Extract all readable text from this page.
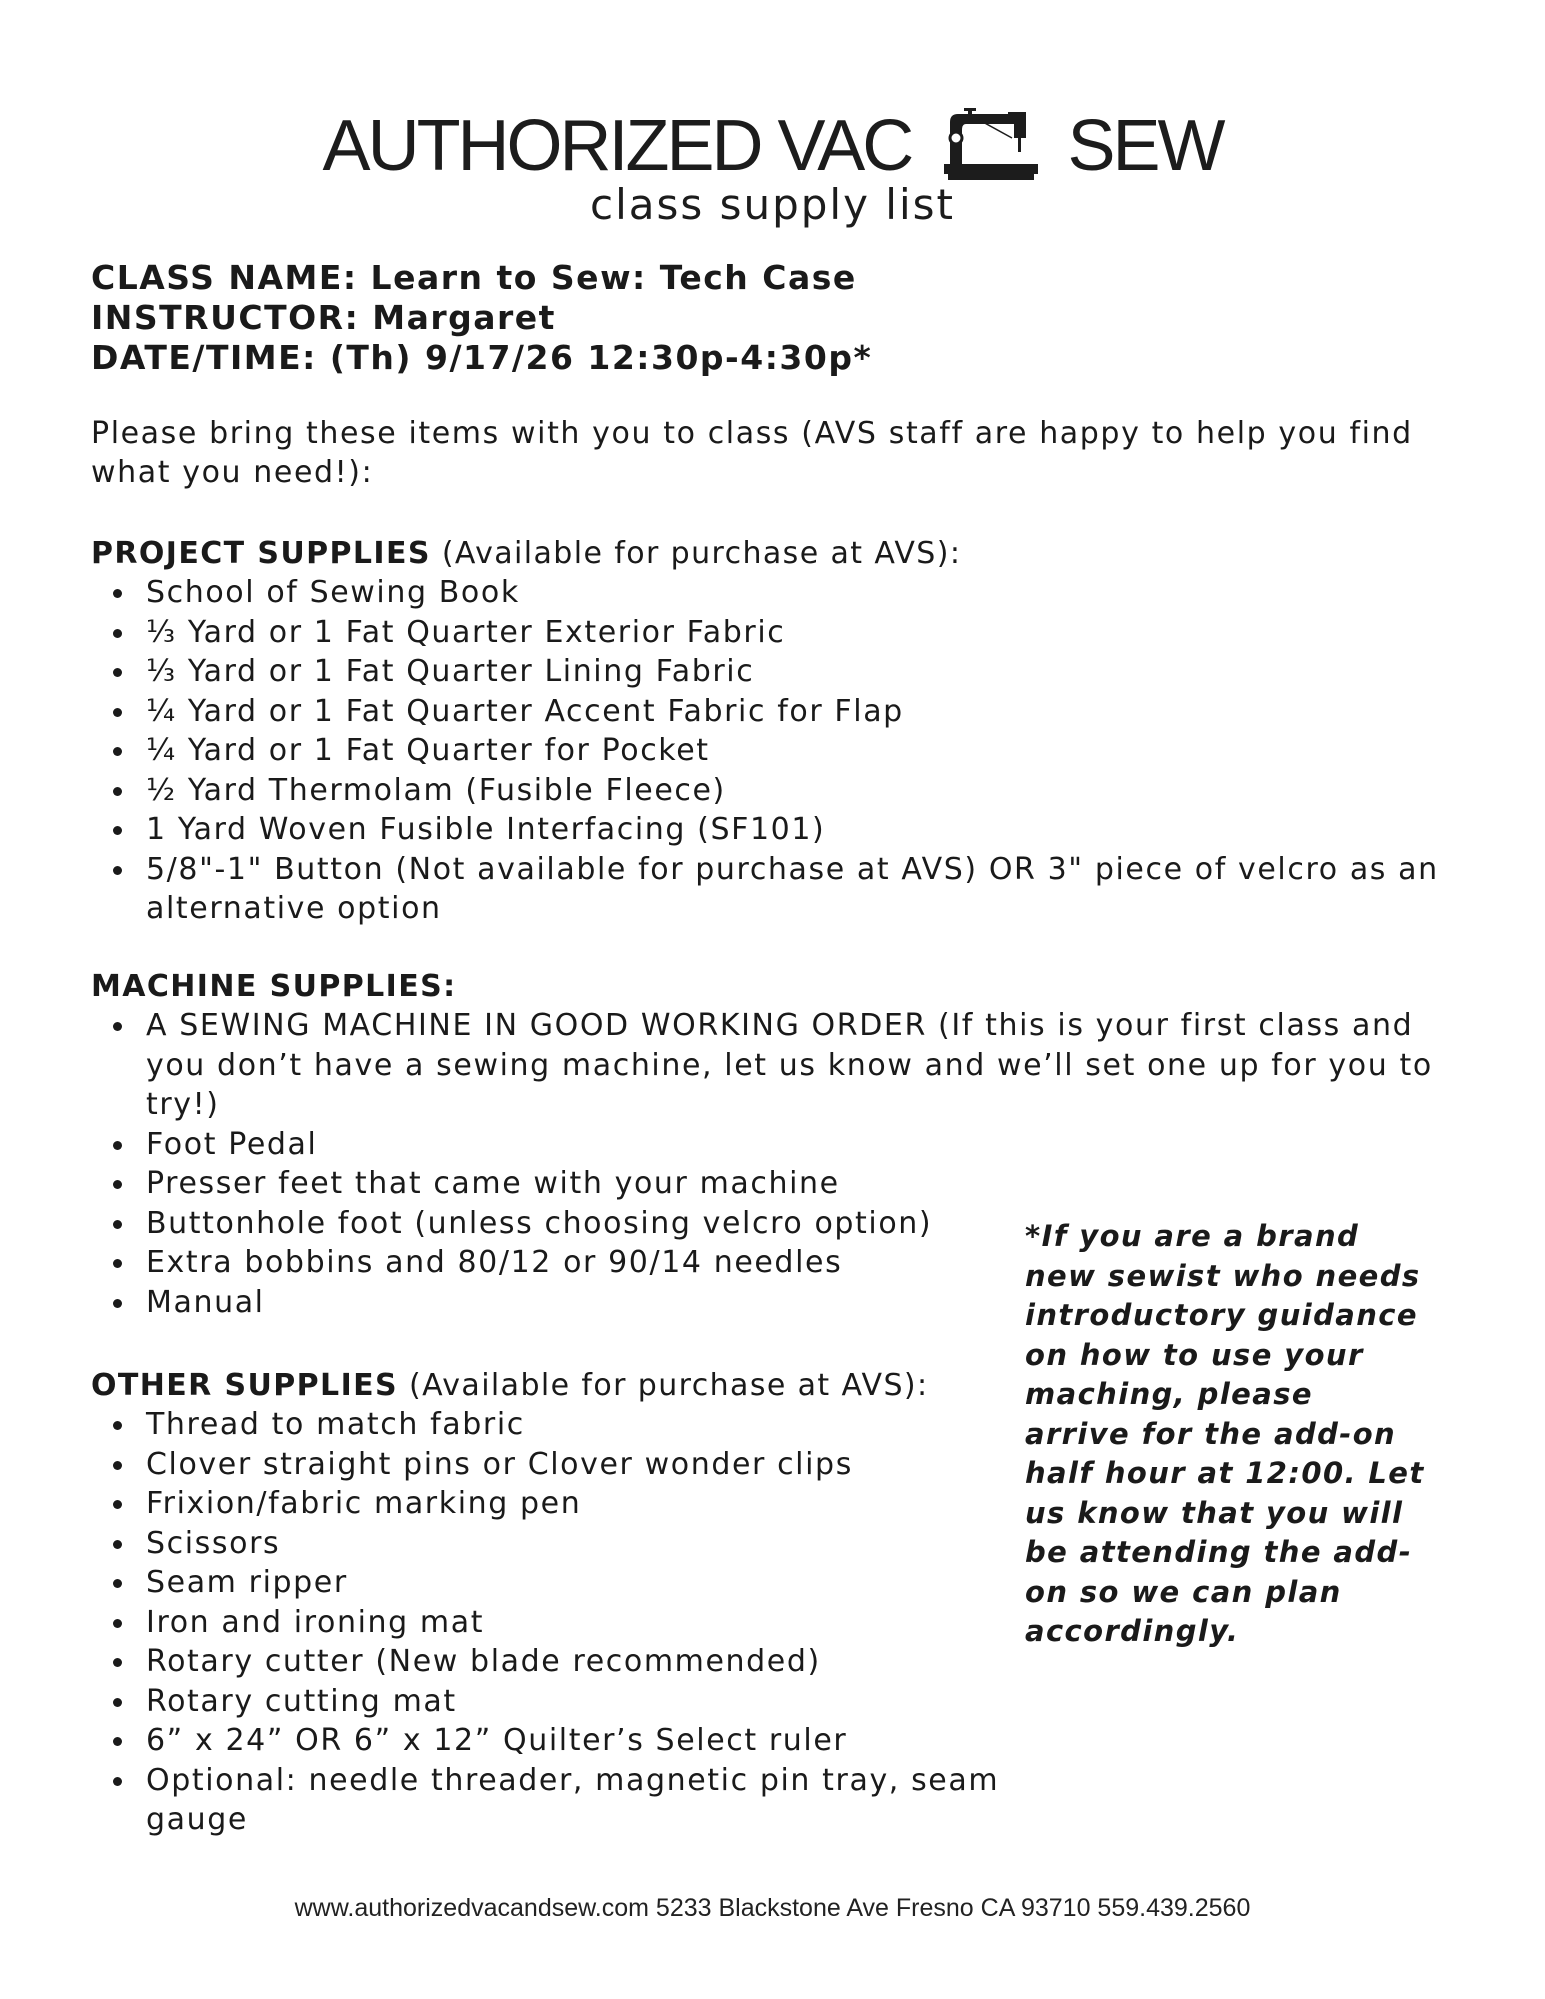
AUTHORIZED VAC SEW
class supply list
CLASS NAME: Learn to Sew: Tech Case
INSTRUCTOR: Margaret
DATE/TIME: (Th) 9/17/26 12:30p-4:30p*
Please bring these items with you to class (AVS staff are happy to help you find what you need!):
PROJECT SUPPLIES (Available for purchase at AVS):
School of Sewing Book
⅓ Yard or 1 Fat Quarter Exterior Fabric
⅓ Yard or 1 Fat Quarter Lining Fabric
¼ Yard or 1 Fat Quarter Accent Fabric for Flap
¼ Yard or 1 Fat Quarter for Pocket
½ Yard Thermolam (Fusible Fleece)
1 Yard Woven Fusible Interfacing (SF101)
5/8"-1" Button (Not available for purchase at AVS) OR 3" piece of velcro as an alternative option
MACHINE SUPPLIES:
A SEWING MACHINE IN GOOD WORKING ORDER (If this is your first class and you don’t have a sewing machine, let us know and we’ll set one up for you to try!)
Foot Pedal
Presser feet that came with your machine
Buttonhole foot (unless choosing velcro option)
Extra bobbins and 80/12 or 90/14 needles
Manual
OTHER SUPPLIES (Available for purchase at AVS):
Thread to match fabric
Clover straight pins or Clover wonder clips
Frixion/fabric marking pen
Scissors
Seam ripper
Iron and ironing mat
Rotary cutter (New blade recommended)
Rotary cutting mat
6” x 24” OR 6” x 12” Quilter’s Select ruler
Optional: needle threader, magnetic pin tray, seam gauge
*If you are a brand new sewist who needs introductory guidance on how to use your maching, please arrive for the add-on half hour at 12:00. Let us know that you will be attending the add-on so we can plan accordingly.
www.authorizedvacandsew.com 5233 Blackstone Ave Fresno CA 93710 559.439.2560
